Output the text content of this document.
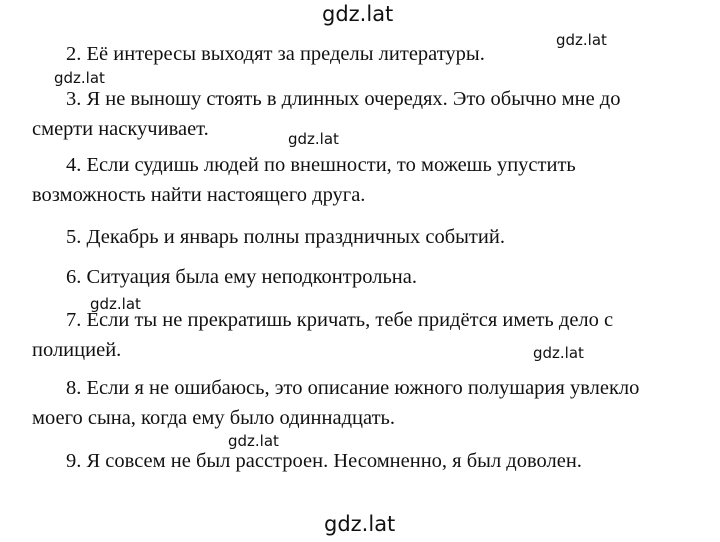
gdz.lat
gdz.lat
gdz.lat
gdz.lat
gdz.lat
gdz.lat
gdz.lat
gdz.lat
2. Её интересы выходят за пределы литературы.
3. Я не выношу стоять в длинных очередях. Это обычно мне до
смерти наскучивает.
4. Если судишь людей по внешности, то можешь упустить
возможность найти настоящего друга.
5. Декабрь и январь полны праздничных событий.
6. Ситуация была ему неподконтрольна.
7. Если ты не прекратишь кричать, тебе придётся иметь дело с
полицией.
8. Если я не ошибаюсь, это описание южного полушария увлекло
моего сына, когда ему было одиннадцать.
9. Я совсем не был расстроен. Несомненно, я был доволен.
